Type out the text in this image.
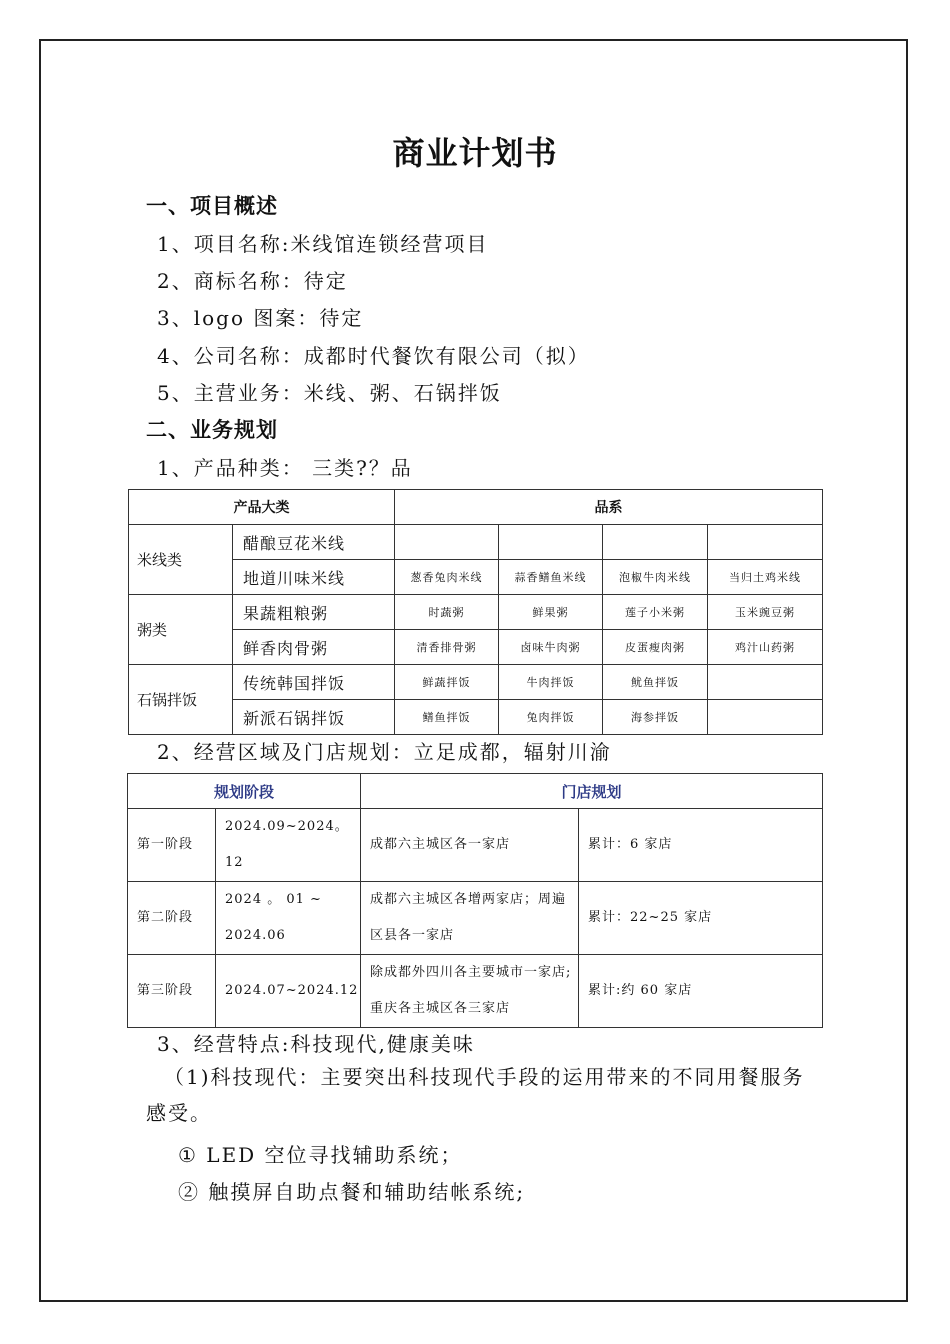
商业计划书
一、项目概述
1、项目名称:米线馆连锁经营项目
2、商标名称：待定
3、logo 图案：待定
4、公司名称：成都时代餐饮有限公司（拟）
5、主营业务：米线、粥、石锅拌饭
二、业务规划
1、产品种类： 三类?？品
产品大类		品系			
米线类	醋酿豆花米线				
	地道川味米线	葱香兔肉米线	蒜香鳝鱼米线	泡椒牛肉米线	当归土鸡米线
粥类	果蔬粗粮粥	时蔬粥	鲜果粥	莲子小米粥	玉米豌豆粥
	鲜香肉骨粥	清香排骨粥	卤味牛肉粥	皮蛋瘦肉粥	鸡汁山药粥
石锅拌饭	传统韩国拌饭	鲜蔬拌饭	牛肉拌饭	鱿鱼拌饭	
	新派石锅拌饭	鳝鱼拌饭	兔肉拌饭	海参拌饭	
2、经营区域及门店规划：立足成都，辐射川渝
规划阶段		门店规划	
第一阶段	2024.09~2024。12	成都六主城区各一家店	累计：6 家店
第二阶段	2024 。 01 ~ 2024.06	成都六主城区各增两家店；周遍区县各一家店	累计：22~25 家店
第三阶段	2024.07~2024.12	除成都外四川各主要城市一家店;重庆各主城区各三家店	累计:约 60 家店
3、经营特点:科技现代,健康美味
（1)科技现代：主要突出科技现代手段的运用带来的不同用餐服务感受。
① LED 空位寻找辅助系统；
② 触摸屏自助点餐和辅助结帐系统;
